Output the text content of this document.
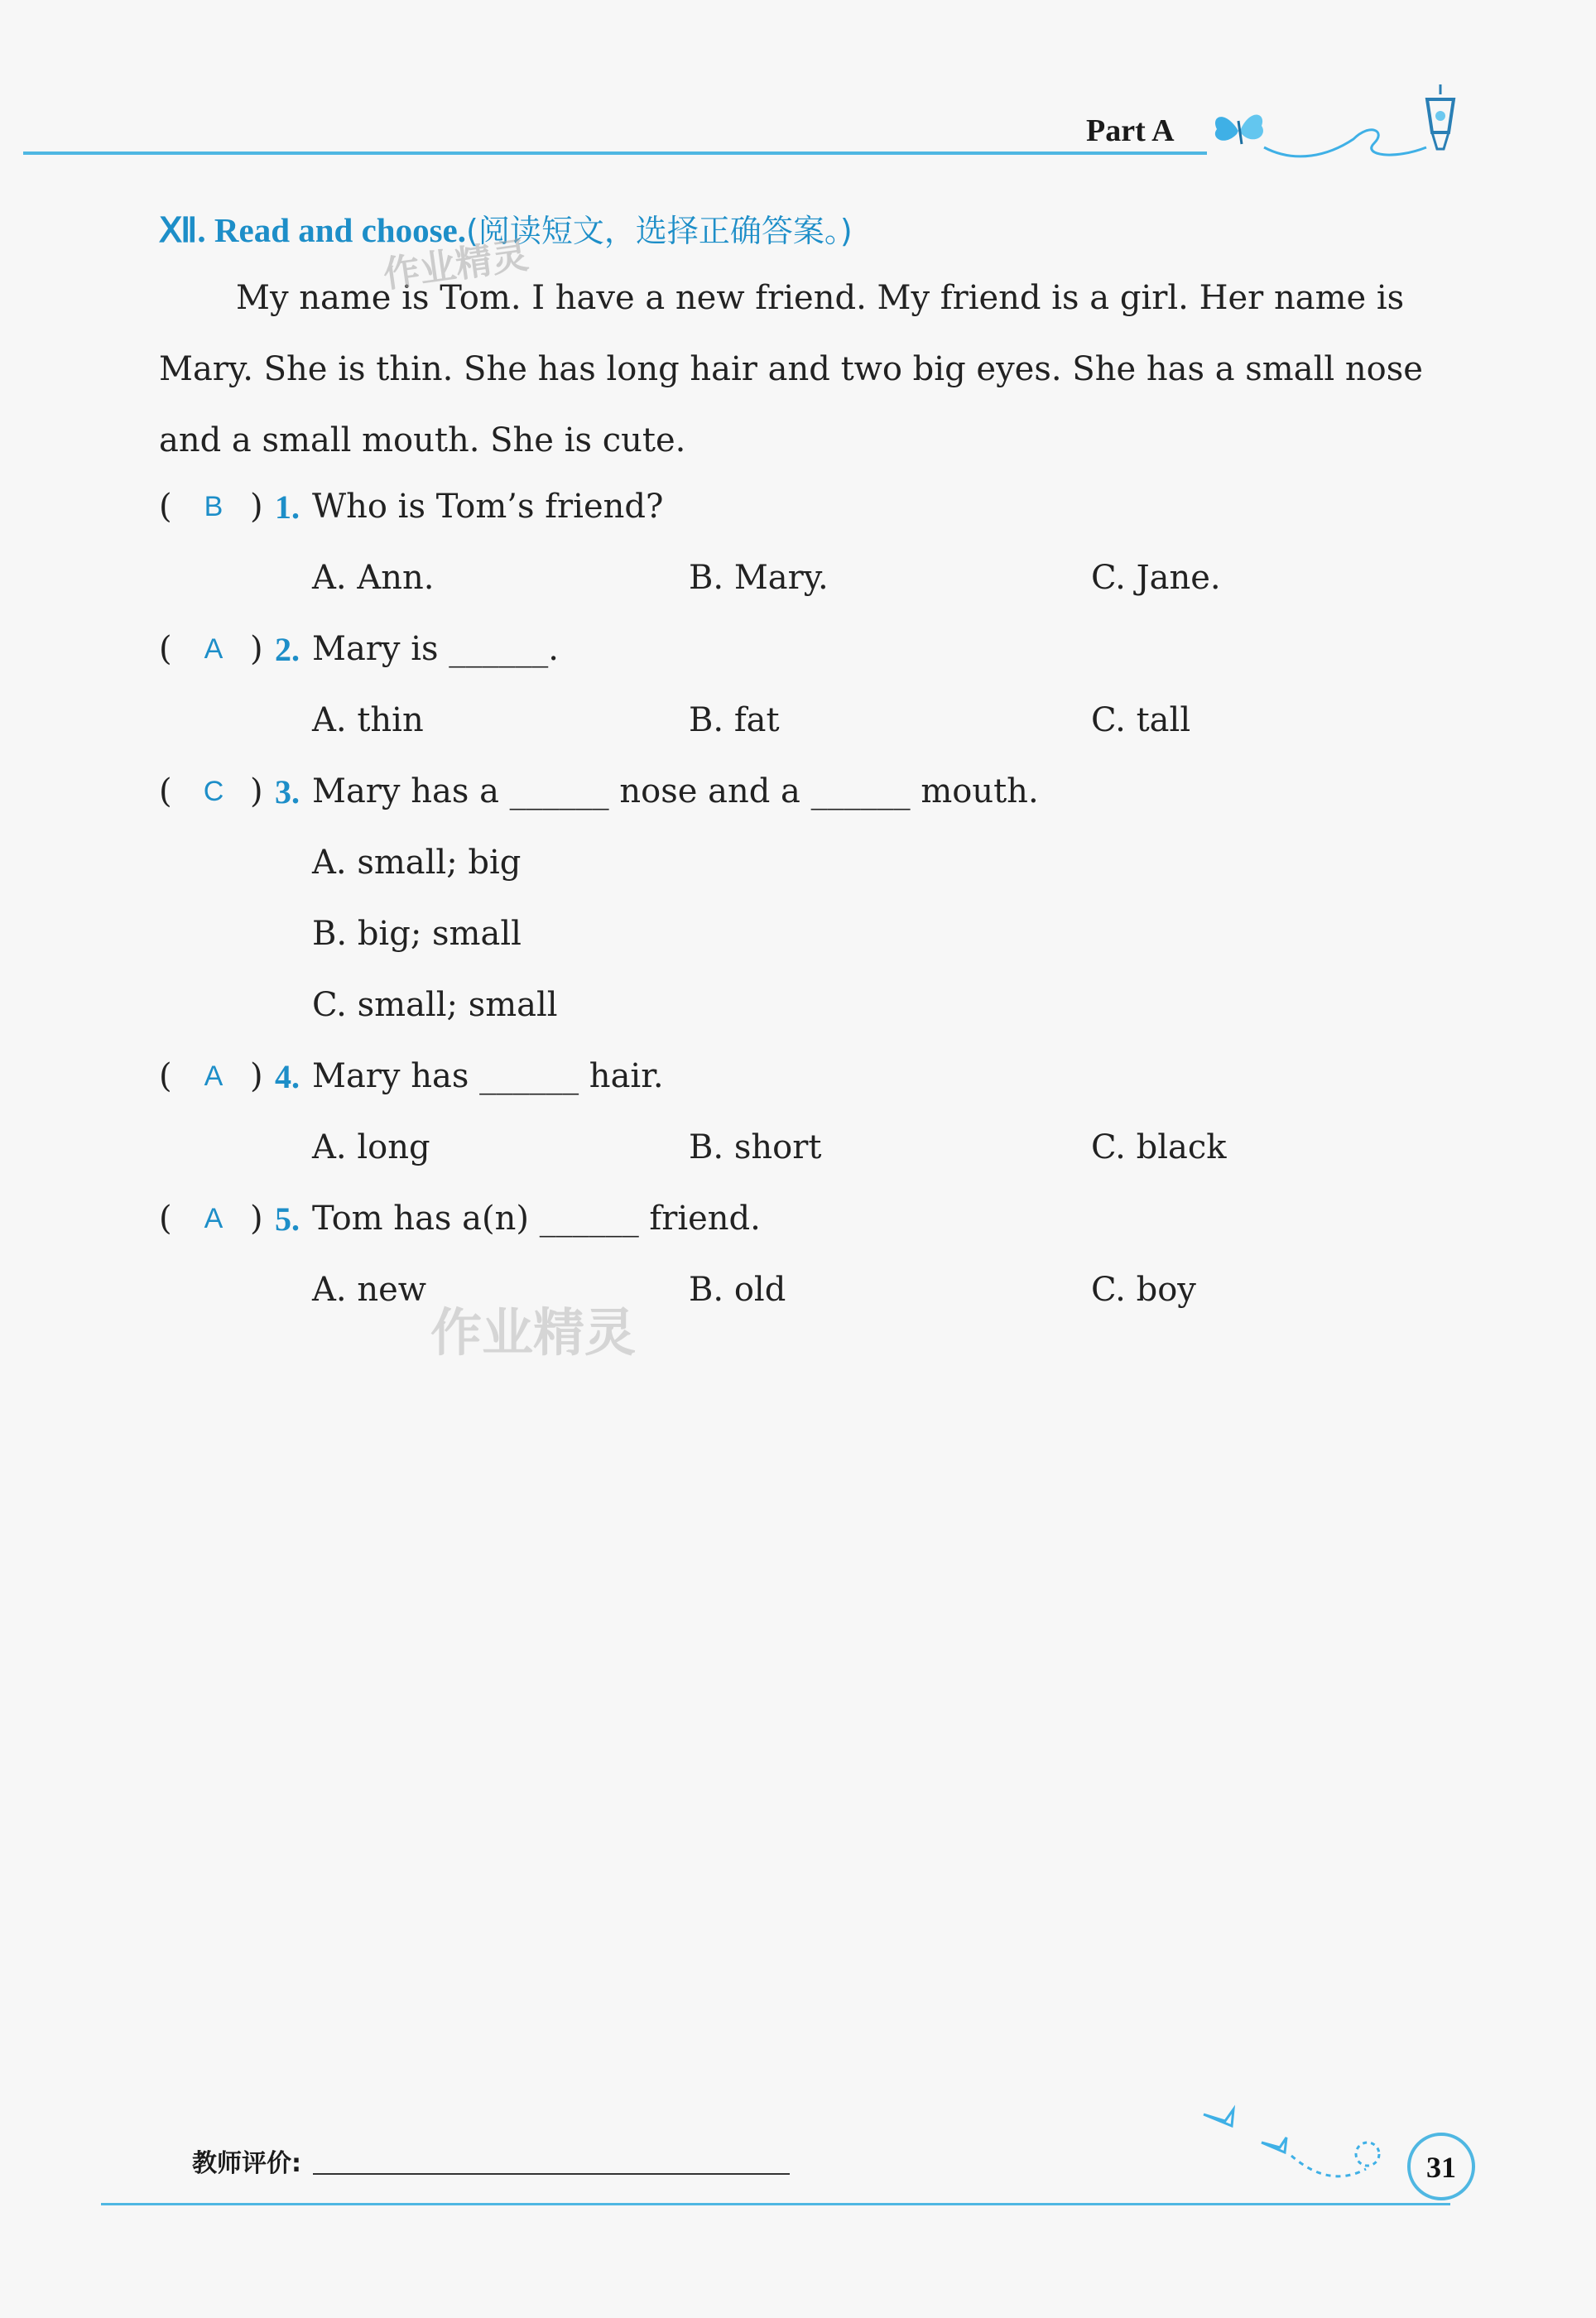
Part A
Ⅻ. Read and choose.(阅读短文，选择正确答案。)
My name is Tom. I have a new friend. My friend is a girl. Her name is
Mary. She is thin. She has long hair and two big eyes. She has a small nose
and a small mouth. She is cute.
( B ) 1. Who is Tom’s friend?
A. Ann.	B. Mary.	C. Jane.
( A ) 2. Mary is ______.
A. thin	B. fat	C. tall
( C ) 3. Mary has a ______ nose and a ______ mouth.
A. small; big
B. big; small
C. small; small
( A ) 4. Mary has ______ hair.
A. long	B. short	C. black
( A ) 5. Tom has a(n) ______ friend.
A. new	B. old	C. boy
作业精灵
作业精灵
教师评价:	31
